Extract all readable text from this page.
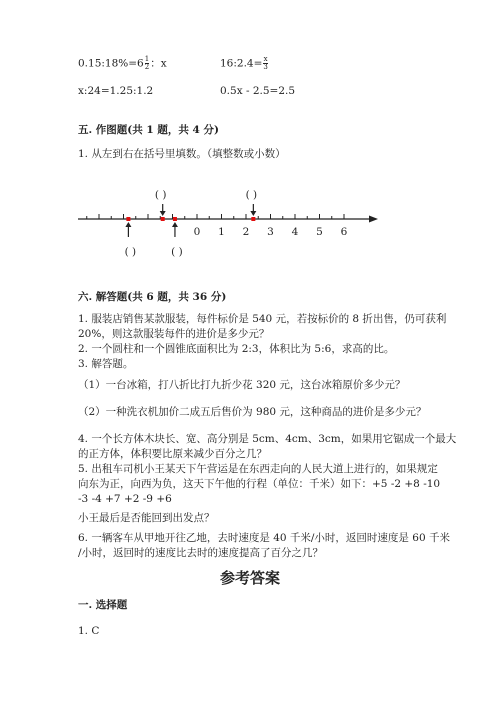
0.15:18%=6 $\frac{1}{2}$ ：x	16:2.4= $\frac{x}{3}$
x:24=1.25:1.2	0.5x - 2.5=2.5
五. 作图题(共 1 题，共 4 分)
1. 从左到右在括号里填数。（填整数或小数）
0 1 2 3 4 5 6
( )	( )
( )	( )
六. 解答题(共 6 题，共 36 分)
1. 服装店销售某款服装，每件标价是 540 元，若按标价的 8 折出售，仍可获利
20%，则这款服装每件的进价是多少元？
2. 一个圆柱和一个圆锥底面积比为 2:3，体积比为 5:6，求高的比。
3. 解答题。
（1）一台冰箱，打八折比打九折少花 320 元，这台冰箱原价多少元？
（2）一种洗衣机加价二成五后售价为 980 元，这种商品的进价是多少元？
4. 一个长方体木块长、宽、高分别是 5cm、4cm、3cm，如果用它锯成一个最大
的正方体，体积要比原来减少百分之几？
5. 出租车司机小王某天下午营运是在东西走向的人民大道上进行的，如果规定
向东为正，向西为负，这天下午他的行程（单位：千米）如下：+5 -2 +8 -10
-3 -4 +7 +2 -9 +6
小王最后是否能回到出发点？
6. 一辆客车从甲地开往乙地，去时速度是 40 千米/小时，返回时速度是 60 千米
/小时，返回时的速度比去时的速度提高了百分之几？
参考答案
一. 选择题
1. C
